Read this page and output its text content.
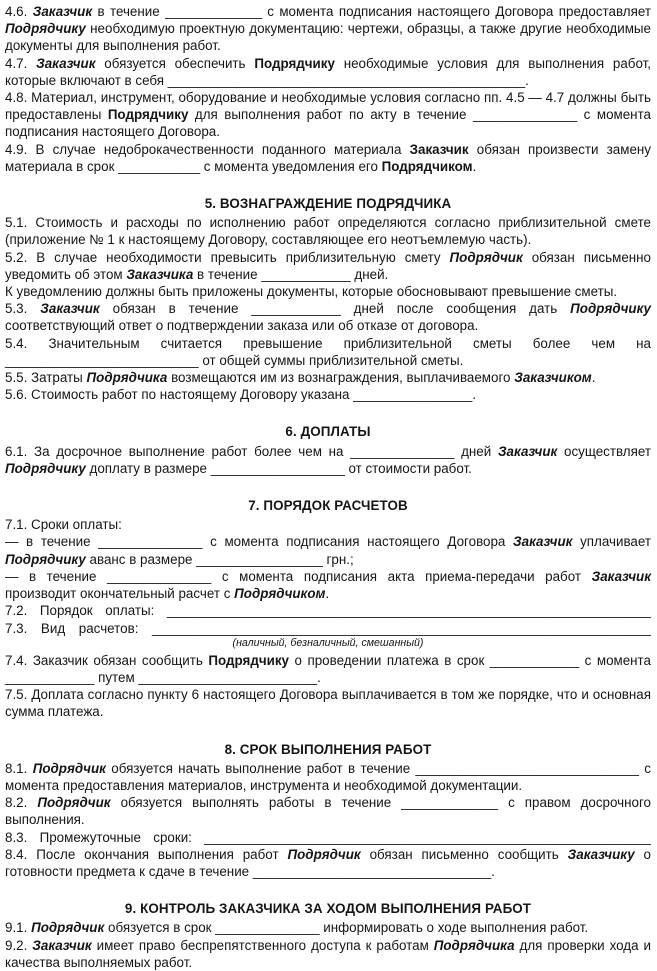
4.6. Заказчик в течение _____________ с момента подписания настоящего Договора предоставляет Подрядчику необходимую проектную документацию: чертежи, образцы, а также другие необходимые документы для выполнения работ.
4.7. Заказчик обязуется обеспечить Подрядчику необходимые условия для выполнения работ, которые включают в себя ________________________________________________.
4.8. Материал, инструмент, оборудование и необходимые условия согласно пп. 4.5 — 4.7 должны быть предоставлены Подрядчику для выполнения работ по акту в течение ______________ с момента подписания настоящего Договора.
4.9. В случае недоброкачественности поданного материала Заказчик обязан произвести замену материала в срок ___________ с момента уведомления его Подрядчиком.
5. ВОЗНАГРАЖДЕНИЕ ПОДРЯДЧИКА
5.1. Стоимость и расходы по исполнению работ определяются согласно приблизительной смете (приложение № 1 к настоящему Договору, составляющее его неотъемлемую часть).
5.2. В случае необходимости превысить приблизительную смету Подрядчик обязан письменно уведомить об этом Заказчика в течение ____________ дней.
К уведомлению должны быть приложены документы, которые обосновывают превышение сметы.
5.3. Заказчик обязан в течение ____________ дней после сообщения дать Подрядчику соответствующий ответ о подтверждении заказа или об отказе от договора.
5.4. Значительным считается превышение приблизительной сметы более чем на __________________________ от общей суммы приблизительной сметы.
5.5. Затраты Подрядчика возмещаются им из вознаграждения, выплачиваемого Заказчиком.
5.6. Стоимость работ по настоящему Договору указана ________________.
6. ДОПЛАТЫ
6.1. За досрочное выполнение работ более чем на ______________ дней Заказчик осуществляет Подрядчику доплату в размере __________________ от стоимости работ.
7. ПОРЯДОК РАСЧЕТОВ
7.1. Сроки оплаты:
— в течение ______________ с момента подписания настоящего Договора Заказчик уплачивает Подрядчику аванс в размере _________________ грн.;
— в течение ______________ с момента подписания акта приема-передачи работ Заказчик производит окончательный расчет с Подрядчиком.
7.2. Порядок оплаты: _________________________________________________________________
7.3. Вид расчетов: ___________________________________________________________________
(наличный, безналичный, смешанный)
7.4. Заказчик обязан сообщить Подрядчику о проведении платежа в срок ____________ с момента ____________ путем ________________________.
7.5. Доплата согласно пункту 6 настоящего Договора выплачивается в том же порядке, что и основная сумма платежа.
8. СРОК ВЫПОЛНЕНИЯ РАБОТ
8.1. Подрядчик обязуется начать выполнение работ в течение ______________________________ с момента предоставления материалов, инструмента и необходимой документации.
8.2. Подрядчик обязуется выполнять работы в течение _____________ с правом досрочного выполнения.
8.3. Промежуточные сроки: ____________________________________________________________
8.4. После окончания выполнения работ Подрядчик обязан письменно сообщить Заказчику о готовности предмета к сдаче в течение ________________________________.
9. КОНТРОЛЬ ЗАКАЗЧИКА ЗА ХОДОМ ВЫПОЛНЕНИЯ РАБОТ
9.1. Подрядчик обязуется в срок ______________ информировать о ходе выполнения работ.
9.2. Заказчик имеет право беспрепятственного доступа к работам Подрядчика для проверки хода и качества выполняемых работ.
